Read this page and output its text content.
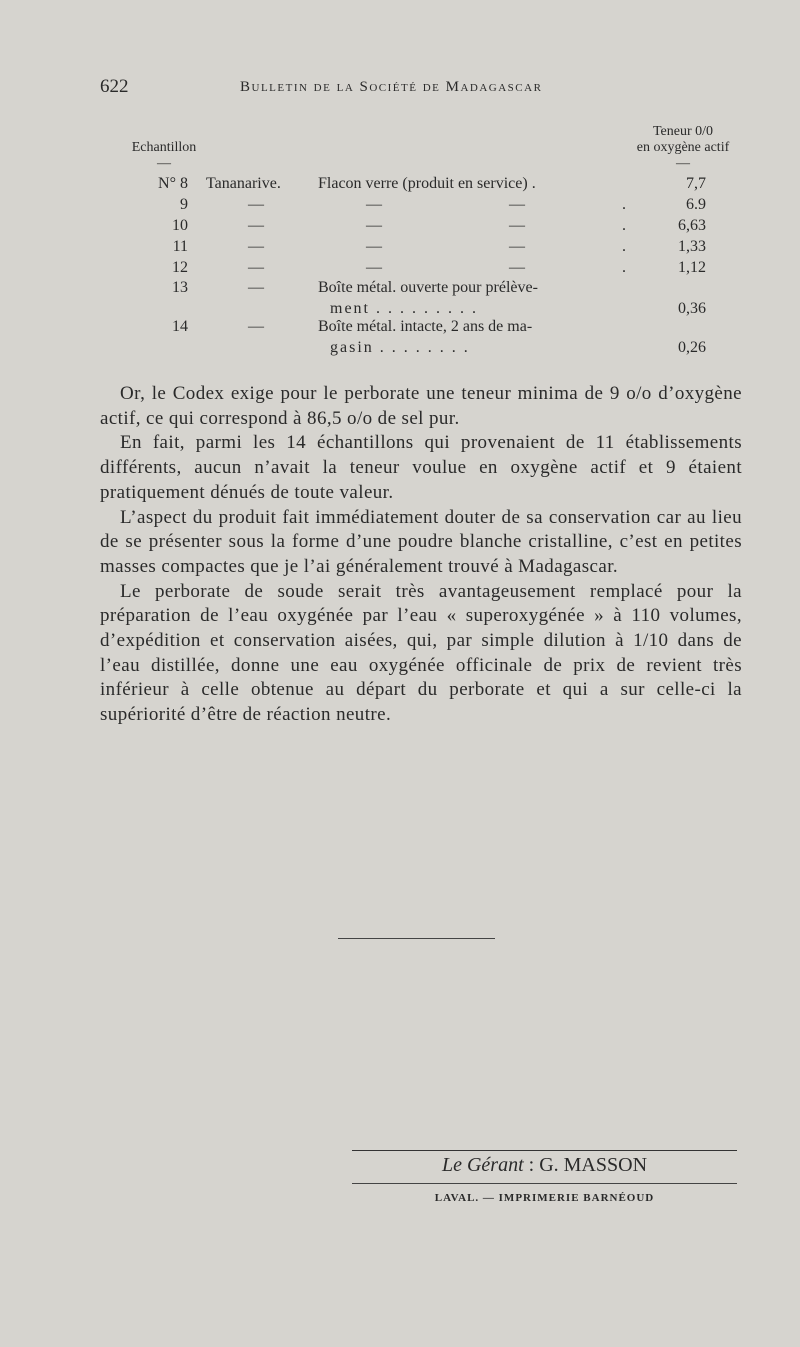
622	Bulletin de la Société de Madagascar
Echantillon
—
Teneur 0/0
en oxygène actif
—
N° 8 Tananarive. Flacon verre (produit en service) .	7,7
9	—	—	—	.	6.9
10	—	—	—	.	6,63
11	—	—	—	.	1,33
12	—	—	—	.	1,12
13	—	Boîte métal. ouverte pour prélève-
ment . . . . . . . . .	0,36
14	—	Boîte métal. intacte, 2 ans de ma-
gasin . . . . . . . .	0,26

Or, le Codex exige pour le perborate une teneur minima de 9 o/o d’oxygène actif, ce qui correspond à 86,5 o/o de sel pur.

En fait, parmi les 14 échantillons qui provenaient de 11 établissements différents, aucun n’avait la teneur voulue en oxygène actif et 9 étaient pratiquement dénués de toute valeur.

L’aspect du produit fait immédiatement douter de sa conservation car au lieu de se présenter sous la forme d’une poudre blanche cristalline, c’est en petites masses compactes que je l’ai généralement trouvé à Madagascar.

Le perborate de soude serait très avantageusement remplacé pour la préparation de l’eau oxygénée par l’eau « superoxygénée » à 110 volumes, d’expédition et conservation aisées, qui, par simple dilution à 1/10 dans de l’eau distillée, donne une eau oxygénée officinale de prix de revient très inférieur à celle obtenue au départ du perborate et qui a sur celle-ci la supériorité d’être de réaction neutre.

Le Gérant : G. MASSON
LAVAL. — IMPRIMERIE BARNÉOUD
